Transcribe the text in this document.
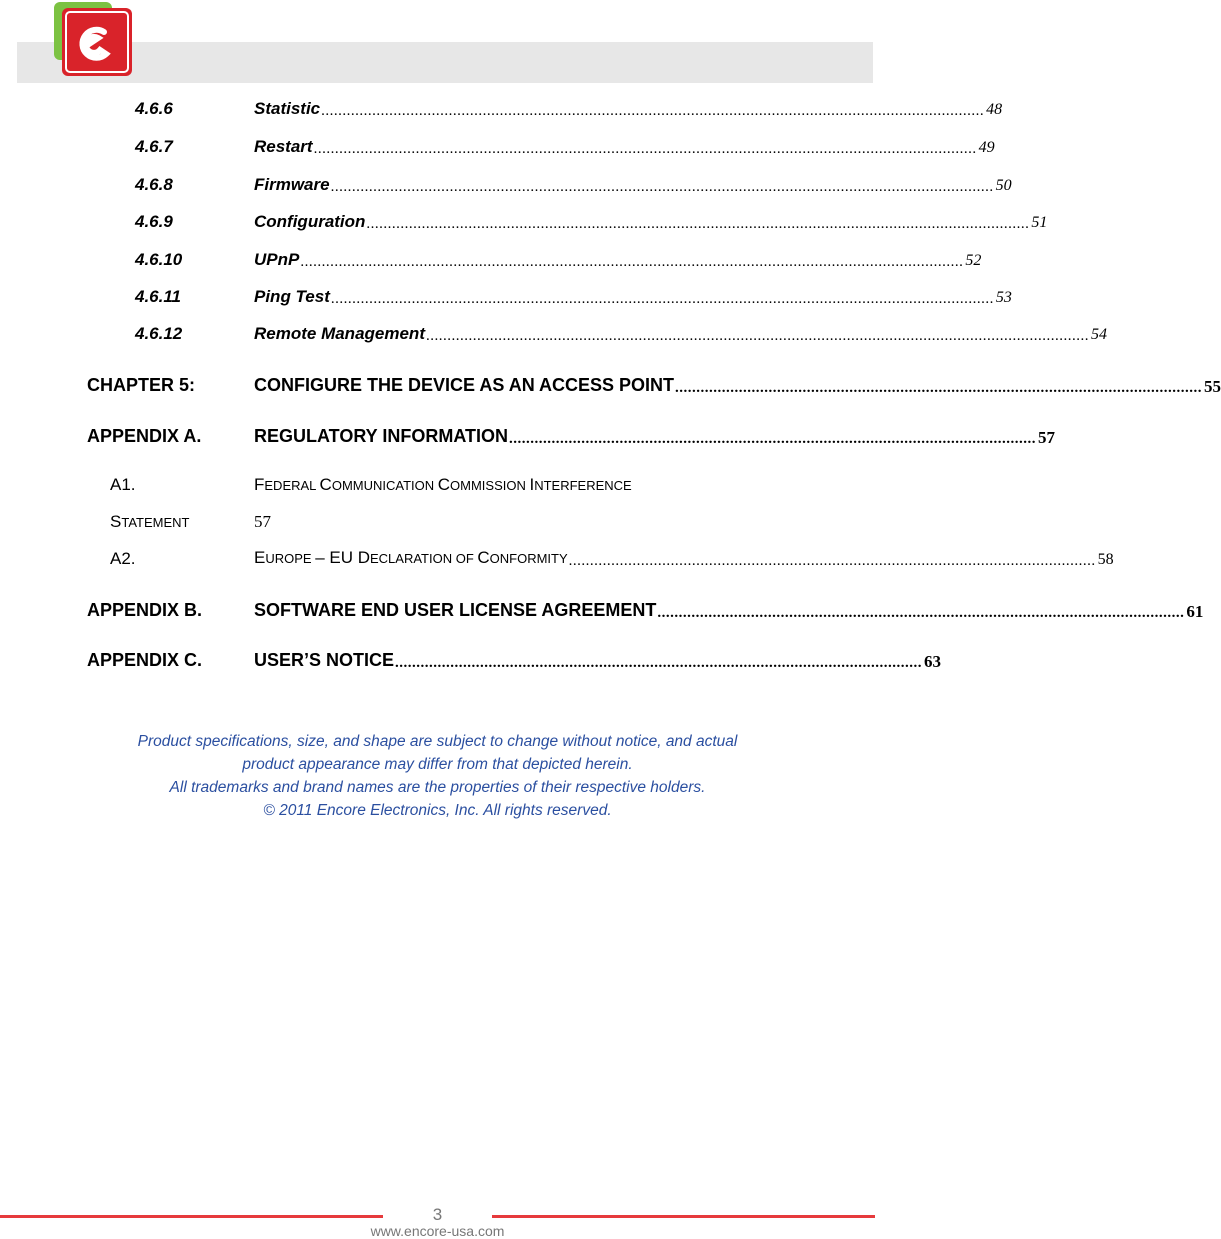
4.6.6	Statistic ............................................................................................................................................................ 48
4.6.7	Restart ............................................................................................................................................................ 49
4.6.8	Firmware ............................................................................................................................................................ 50
4.6.9	Configuration ............................................................................................................................................................ 51
4.6.10	UPnP ............................................................................................................................................................ 52
4.6.11	Ping Test ............................................................................................................................................................ 53
4.6.12	Remote Management ............................................................................................................................................................ 54
CHAPTER 5:	CONFIGURE THE DEVICE AS AN ACCESS POINT ............................................................................................................................ 55
APPENDIX A.	REGULATORY INFORMATION ............................................................................................................................ 57
A1.	FEDERAL COMMUNICATION COMMISSION INTERFERENCE
STATEMENT	57
A2.	EUROPE – EU DECLARATION OF CONFORMITY ............................................................................................................................ 58
APPENDIX B.	SOFTWARE END USER LICENSE AGREEMENT ............................................................................................................................ 61
APPENDIX C.	USER’S NOTICE ............................................................................................................................ 63
Product specifications, size, and shape are subject to change without notice, and actual
product appearance may differ from that depicted herein.
All trademarks and brand names are the properties of their respective holders.
© 2011 Encore Electronics, Inc. All rights reserved.
3
www.encore-usa.com
